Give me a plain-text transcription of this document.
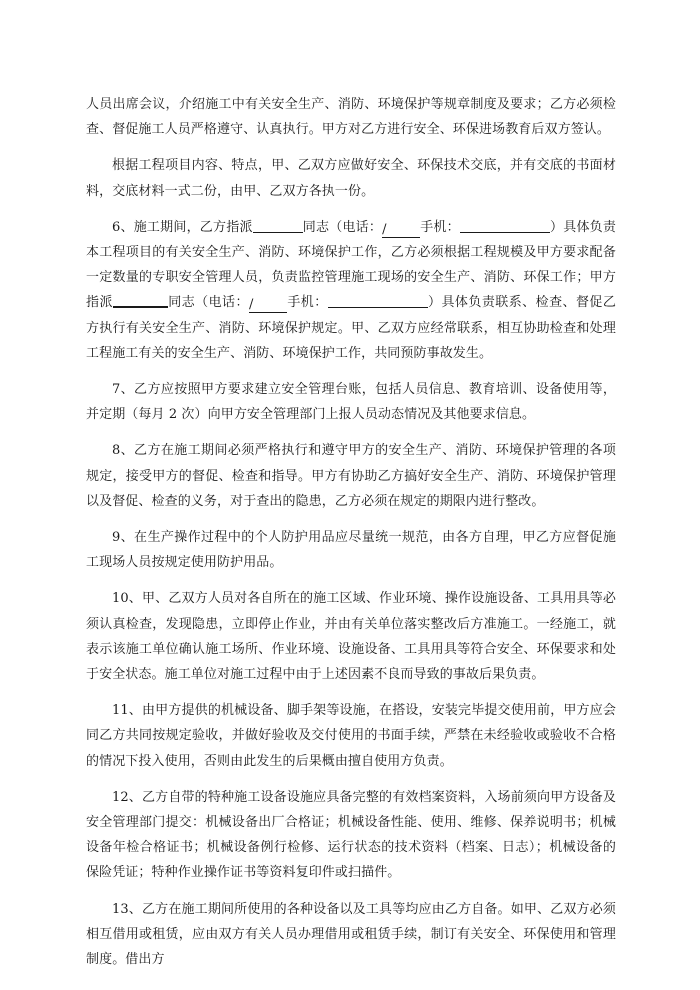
人员出席会议，介绍施工中有关安全生产、消防、环境保护等规章制度及要求；乙方必须检查、督促施工人员严格遵守、认真执行。甲方对乙方进行安全、环保进场教育后双方签认。

根据工程项目内容、特点，甲、乙双方应做好安全、环保技术交底，并有交底的书面材料，交底材料一式二份，由甲、乙双方各执一份。

6、施工期间，乙方指派	同志（电话：/	手机：	）具体负责本工程项目的有关安全生产、消防、环境保护工作，乙方必须根据工程规模及甲方要求配备一定数量的专职安全管理人员，负责监控管理施工现场的安全生产、消防、环保工作；甲方指派	同志（电话：/	手机：	）具体负责联系、检查、督促乙方执行有关安全生产、消防、环境保护规定。甲、乙双方应经常联系，相互协助检查和处理工程施工有关的安全生产、消防、环境保护工作，共同预防事故发生。

7、乙方应按照甲方要求建立安全管理台账，包括人员信息、教育培训、设备使用等，并定期（每月 2 次）向甲方安全管理部门上报人员动态情况及其他要求信息。

8、乙方在施工期间必须严格执行和遵守甲方的安全生产、消防、环境保护管理的各项规定，接受甲方的督促、检查和指导。甲方有协助乙方搞好安全生产、消防、环境保护管理以及督促、检查的义务，对于查出的隐患，乙方必须在规定的期限内进行整改。

9、在生产操作过程中的个人防护用品应尽量统一规范，由各方自理，甲乙方应督促施工现场人员按规定使用防护用品。

10、甲、乙双方人员对各自所在的施工区域、作业环境、操作设施设备、工具用具等必须认真检查，发现隐患，立即停止作业，并由有关单位落实整改后方准施工。一经施工，就表示该施工单位确认施工场所、作业环境、设施设备、工具用具等符合安全、环保要求和处于安全状态。施工单位对施工过程中由于上述因素不良而导致的事故后果负责。

11、由甲方提供的机械设备、脚手架等设施，在搭设，安装完毕提交使用前，甲方应会同乙方共同按规定验收，并做好验收及交付使用的书面手续，严禁在未经验收或验收不合格的情况下投入使用，否则由此发生的后果概由擅自使用方负责。

12、乙方自带的特种施工设备设施应具备完整的有效档案资料，入场前须向甲方设备及安全管理部门提交：机械设备出厂合格证；机械设备性能、使用、维修、保养说明书；机械设备年检合格证书；机械设备例行检修、运行状态的技术资料（档案、日志）；机械设备的保险凭证；特种作业操作证书等资料复印件或扫描件。

13、乙方在施工期间所使用的各种设备以及工具等均应由乙方自备。如甲、乙双方必须相互借用或租赁，应由双方有关人员办理借用或租赁手续，制订有关安全、环保使用和管理制度。借出方
